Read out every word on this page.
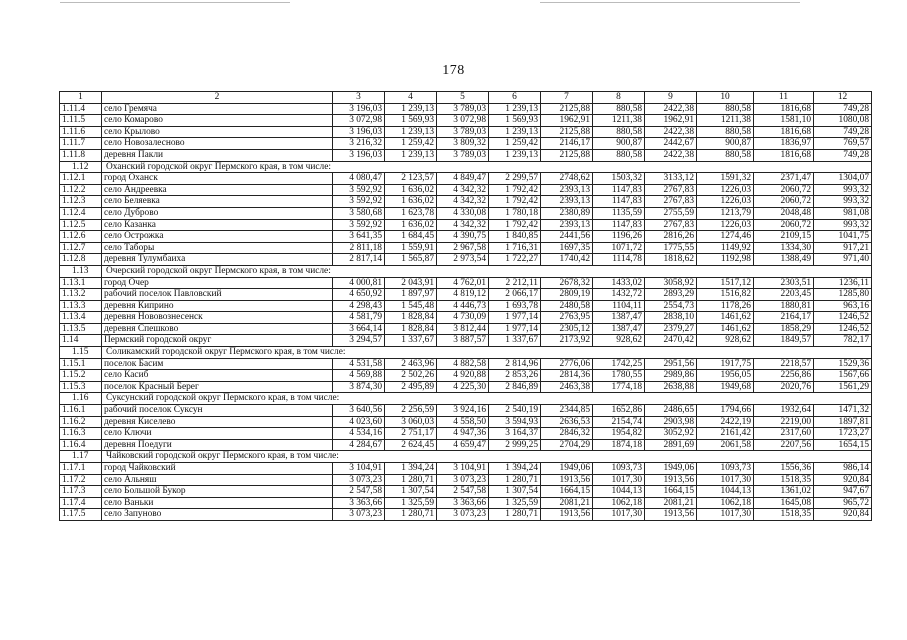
178
1	2	3	4	5	6	7	8	9	10	11	12
1.11.4	село Гремяча	3 196,03	1 239,13	3 789,03	1 239,13	2125,88	880,58	2422,38	880,58	1816,68	749,28
1.11.5	село Комарово	3 072,98	1 569,93	3 072,98	1 569,93	1962,91	1211,38	1962,91	1211,38	1581,10	1080,08
1.11.6	село Крылово	3 196,03	1 239,13	3 789,03	1 239,13	2125,88	880,58	2422,38	880,58	1816,68	749,28
1.11.7	село Новозалесново	3 216,32	1 259,42	3 809,32	1 259,42	2146,17	900,87	2442,67	900,87	1836,97	769,57
1.11.8	деревня Пакли	3 196,03	1 239,13	3 789,03	1 239,13	2125,88	880,58	2422,38	880,58	1816,68	749,28
1.12	Оханский городской округ Пермского края, в том числе:										
1.12.1	город Оханск	4 080,47	2 123,57	4 849,47	2 299,57	2748,62	1503,32	3133,12	1591,32	2371,47	1304,07
1.12.2	село Андреевка	3 592,92	1 636,02	4 342,32	1 792,42	2393,13	1147,83	2767,83	1226,03	2060,72	993,32
1.12.3	село Беляевка	3 592,92	1 636,02	4 342,32	1 792,42	2393,13	1147,83	2767,83	1226,03	2060,72	993,32
1.12.4	село Дуброво	3 580,68	1 623,78	4 330,08	1 780,18	2380,89	1135,59	2755,59	1213,79	2048,48	981,08
1.12.5	село Казанка	3 592,92	1 636,02	4 342,32	1 792,42	2393,13	1147,83	2767,83	1226,03	2060,72	993,32
1.12.6	село Острожка	3 641,35	1 684,45	4 390,75	1 840,85	2441,56	1196,26	2816,26	1274,46	2109,15	1041,75
1.12.7	село Таборы	2 811,18	1 559,91	2 967,58	1 716,31	1697,35	1071,72	1775,55	1149,92	1334,30	917,21
1.12.8	деревня Тулумбаиха	2 817,14	1 565,87	2 973,54	1 722,27	1740,42	1114,78	1818,62	1192,98	1388,49	971,40
1.13	Очерский городской округ Пермского края, в том числе:										
1.13.1	город Очер	4 000,81	2 043,91	4 762,01	2 212,11	2678,32	1433,02	3058,92	1517,12	2303,51	1236,11
1.13.2	рабочий поселок Павловский	4 650,92	1 897,97	4 819,12	2 066,17	2809,19	1432,72	2893,29	1516,82	2203,45	1285,80
1.13.3	деревня Киприно	4 298,43	1 545,48	4 446,73	1 693,78	2480,58	1104,11	2554,73	1178,26	1880,81	963,16
1.13.4	деревня Нововознесенск	4 581,79	1 828,84	4 730,09	1 977,14	2763,95	1387,47	2838,10	1461,62	2164,17	1246,52
1.13.5	деревня Спешково	3 664,14	1 828,84	3 812,44	1 977,14	2305,12	1387,47	2379,27	1461,62	1858,29	1246,52
1.14	Пермский городской округ	3 294,57	1 337,67	3 887,57	1 337,67	2173,92	928,62	2470,42	928,62	1849,57	782,17
1.15	Соликамский городской округ Пермского края, в том числе:										
1.15.1	поселок Басим	4 531,58	2 463,96	4 882,58	2 814,96	2776,06	1742,25	2951,56	1917,75	2218,57	1529,36
1.15.2	село Касиб	4 569,88	2 502,26	4 920,88	2 853,26	2814,36	1780,55	2989,86	1956,05	2256,86	1567,66
1.15.3	поселок Красный Берег	3 874,30	2 495,89	4 225,30	2 846,89	2463,38	1774,18	2638,88	1949,68	2020,76	1561,29
1.16	Суксунский городской округ Пермского края, в том числе:										
1.16.1	рабочий поселок Суксун	3 640,56	2 256,59	3 924,16	2 540,19	2344,85	1652,86	2486,65	1794,66	1932,64	1471,32
1.16.2	деревня Киселево	4 023,60	3 060,03	4 558,50	3 594,93	2636,53	2154,74	2903,98	2422,19	2219,00	1897,81
1.16.3	село Ключи	4 534,16	2 751,17	4 947,36	3 164,37	2846,32	1954,82	3052,92	2161,42	2317,60	1723,27
1.16.4	деревня Поедуги	4 284,67	2 624,45	4 659,47	2 999,25	2704,29	1874,18	2891,69	2061,58	2207,56	1654,15
1.17	Чайковский городской округ Пермского края, в том числе:										
1.17.1	город Чайковский	3 104,91	1 394,24	3 104,91	1 394,24	1949,06	1093,73	1949,06	1093,73	1556,36	986,14
1.17.2	село Альняш	3 073,23	1 280,71	3 073,23	1 280,71	1913,56	1017,30	1913,56	1017,30	1518,35	920,84
1.17.3	село Большой Букор	2 547,58	1 307,54	2 547,58	1 307,54	1664,15	1044,13	1664,15	1044,13	1361,02	947,67
1.17.4	село Ваньки	3 363,66	1 325,59	3 363,66	1 325,59	2081,21	1062,18	2081,21	1062,18	1645,08	965,72
1.17.5	село Запуново	3 073,23	1 280,71	3 073,23	1 280,71	1913,56	1017,30	1913,56	1017,30	1518,35	920,84
